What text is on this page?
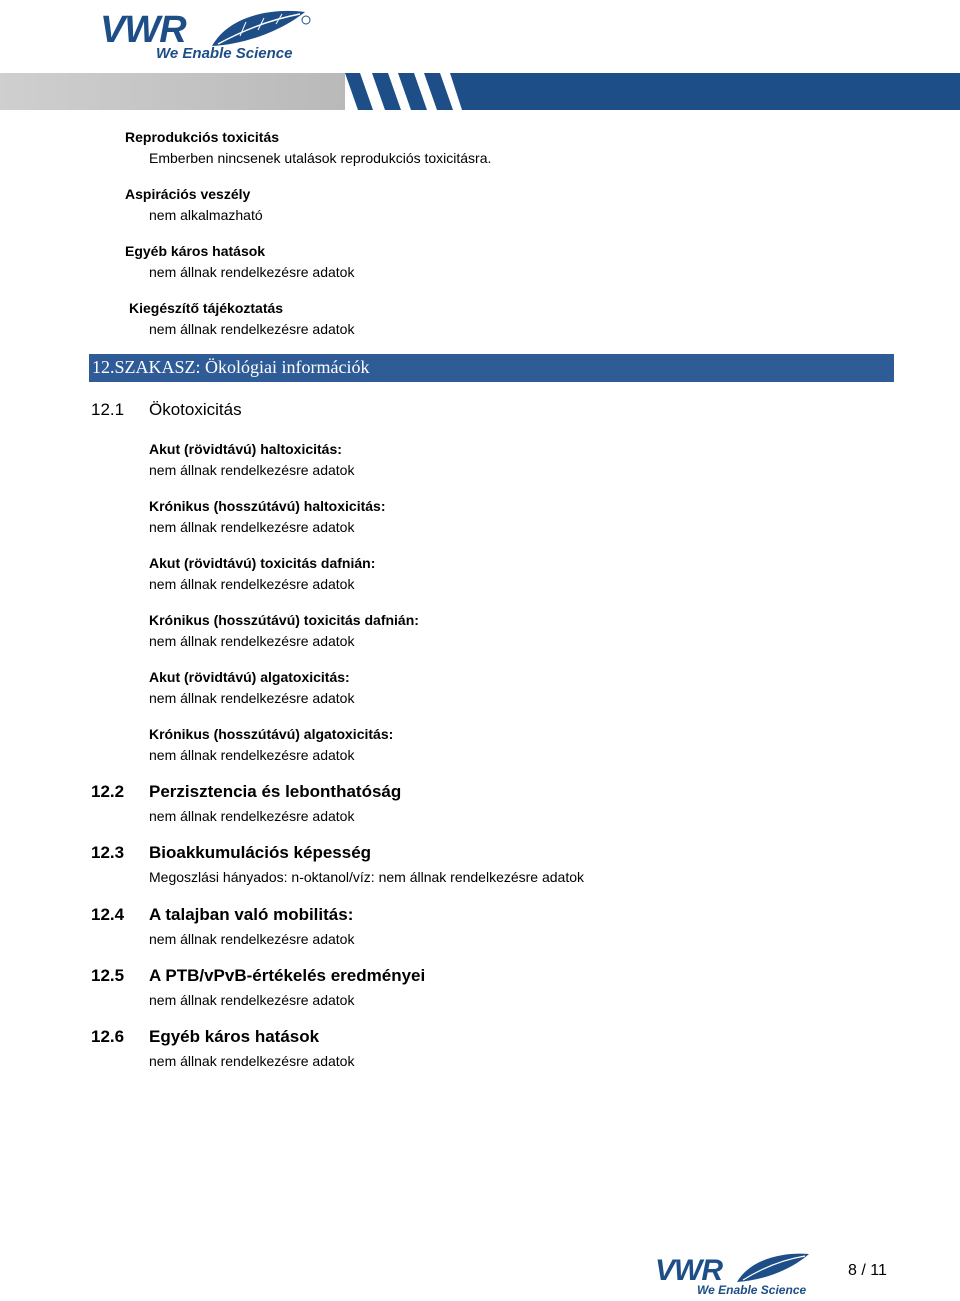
VWR
We Enable Science
Reprodukciós toxicitás
Emberben nincsenek utalások reprodukciós toxicitásra.
Aspirációs veszély
nem alkalmazható
Egyéb káros hatások
nem állnak rendelkezésre adatok
Kiegészítő tájékoztatás
nem állnak rendelkezésre adatok
12.SZAKASZ: Ökológiai információk
12.1 Ökotoxicitás
Akut (rövidtávú) haltoxicitás:
nem állnak rendelkezésre adatok
Krónikus (hosszútávú) haltoxicitás:
nem állnak rendelkezésre adatok
Akut (rövidtávú) toxicitás dafnián:
nem állnak rendelkezésre adatok
Krónikus (hosszútávú) toxicitás dafnián:
nem állnak rendelkezésre adatok
Akut (rövidtávú) algatoxicitás:
nem állnak rendelkezésre adatok
Krónikus (hosszútávú) algatoxicitás:
nem állnak rendelkezésre adatok
12.2 Perzisztencia és lebonthatóság
nem állnak rendelkezésre adatok
12.3 Bioakkumulációs képesség
Megoszlási hányados: n-oktanol/víz: nem állnak rendelkezésre adatok
12.4 A talajban való mobilitás:
nem állnak rendelkezésre adatok
12.5 A PTB/vPvB-értékelés eredményei
nem állnak rendelkezésre adatok
12.6 Egyéb káros hatások
nem állnak rendelkezésre adatok
VWR
We Enable Science
8 / 11
